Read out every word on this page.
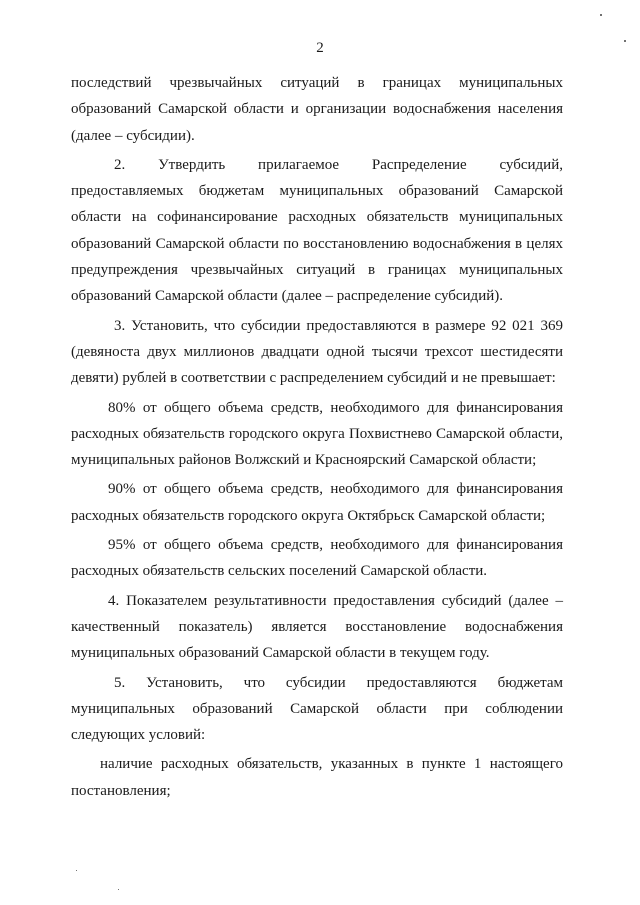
2

последствий чрезвычайных ситуаций в границах муниципальных образований Самарской области и организации водоснабжения населения (далее – субсидии).

2. Утвердить прилагаемое Распределение субсидий, предоставляемых бюджетам муниципальных образований Самарской области на софинансирование расходных обязательств муниципальных образований Самарской области по восстановлению водоснабжения в целях предупреждения чрезвычайных ситуаций в границах муниципальных образований Самарской области (далее – распределение субсидий).

3. Установить, что субсидии предоставляются в размере 92 021 369 (девяноста двух миллионов двадцати одной тысячи трехсот шестидесяти девяти) рублей в соответствии с распределением субсидий и не превышает:

80% от общего объема средств, необходимого для финансирования расходных обязательств городского округа Похвистнево Самарской области, муниципальных районов Волжский и Красноярский Самарской области;

90% от общего объема средств, необходимого для финансирования расходных обязательств городского округа Октябрьск Самарской области;

95% от общего объема средств, необходимого для финансирования расходных обязательств сельских поселений Самарской области.

4. Показателем результативности предоставления субсидий (далее – качественный показатель) является восстановление водоснабжения муниципальных образований Самарской области в текущем году.

5. Установить, что субсидии предоставляются бюджетам муниципальных образований Самарской области при соблюдении следующих условий:

наличие расходных обязательств, указанных в пункте 1 настоящего постановления;
